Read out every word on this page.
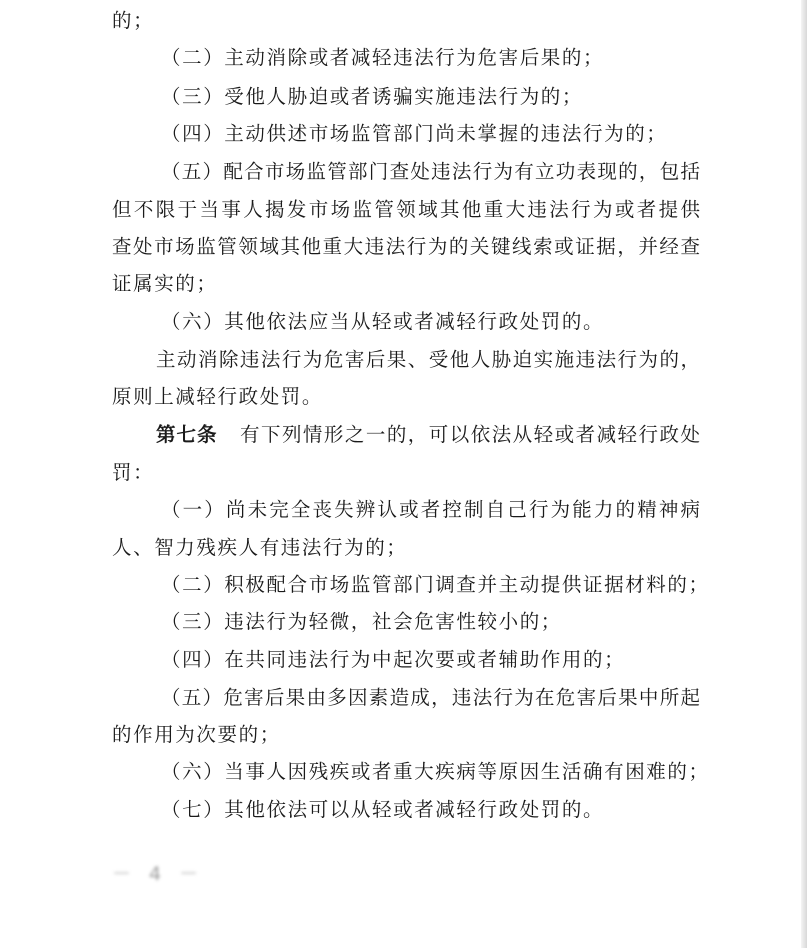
的；
（二）主动消除或者减轻违法行为危害后果的；
（三）受他人胁迫或者诱骗实施违法行为的；
（四）主动供述市场监管部门尚未掌握的违法行为的；
（五）配合市场监管部门查处违法行为有立功表现的，包括
但不限于当事人揭发市场监管领域其他重大违法行为或者提供
查处市场监管领域其他重大违法行为的关键线索或证据，并经查
证属实的；
（六）其他依法应当从轻或者减轻行政处罚的。
主动消除违法行为危害后果、受他人胁迫实施违法行为的，
原则上减轻行政处罚。
第七条 有下列情形之一的，可以依法从轻或者减轻行政处
罚：
（一）尚未完全丧失辨认或者控制自己行为能力的精神病
人、智力残疾人有违法行为的；
（二）积极配合市场监管部门调查并主动提供证据材料的；
（三）违法行为轻微，社会危害性较小的；
（四）在共同违法行为中起次要或者辅助作用的；
（五）危害后果由多因素造成，违法行为在危害后果中所起
的作用为次要的；
（六）当事人因残疾或者重大疾病等原因生活确有困难的；
（七）其他依法可以从轻或者减轻行政处罚的。
－ 4 －
